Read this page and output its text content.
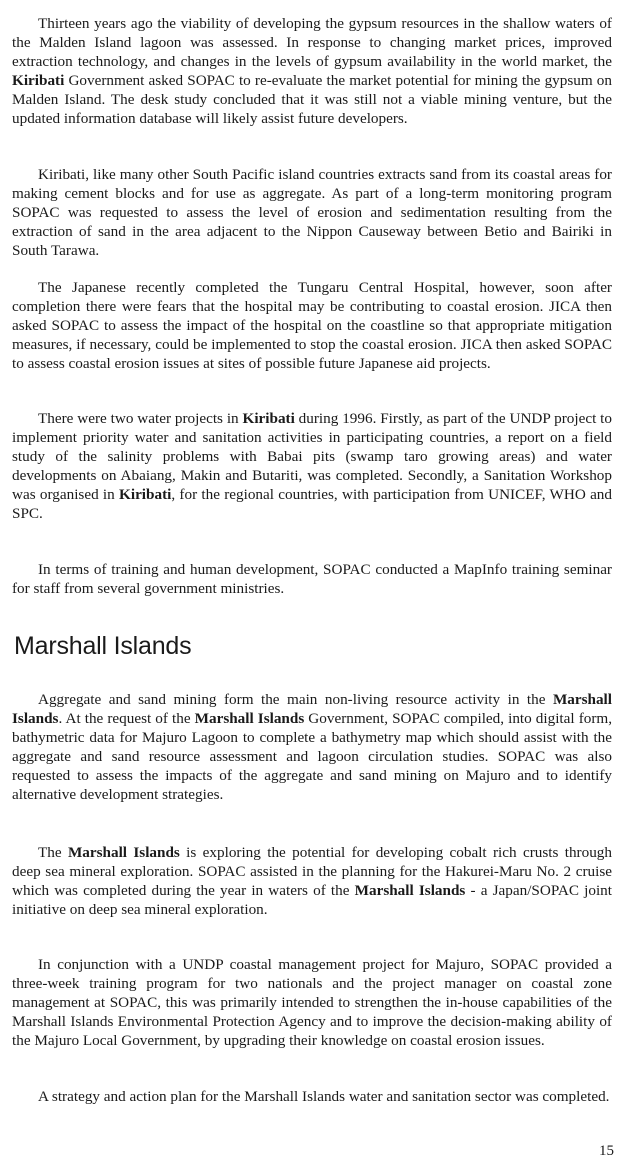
Thirteen years ago the viability of developing the gypsum resources in the shallow waters of the Malden Island lagoon was assessed. In response to changing market prices, improved extraction technology, and changes in the levels of gypsum availability in the world market, the Kiribati Government asked SOPAC to re-evaluate the market potential for mining the gypsum on Malden Island. The desk study concluded that it was still not a viable mining venture, but the updated information database will likely assist future developers.

Kiribati, like many other South Pacific island countries extracts sand from its coastal areas for making cement blocks and for use as aggregate. As part of a long-term monitoring program SOPAC was requested to assess the level of erosion and sedimentation resulting from the extraction of sand in the area adjacent to the Nippon Causeway between Betio and Bairiki in South Tarawa.

The Japanese recently completed the Tungaru Central Hospital, however, soon after completion there were fears that the hospital may be contributing to coastal erosion. JICA then asked SOPAC to assess the impact of the hospital on the coastline so that appropriate mitigation measures, if necessary, could be implemented to stop the coastal erosion. JICA then asked SOPAC to assess coastal erosion issues at sites of possible future Japanese aid projects.

There were two water projects in Kiribati during 1996. Firstly, as part of the UNDP project to implement priority water and sanitation activities in participating countries, a report on a field study of the salinity problems with Babai pits (swamp taro growing areas) and water developments on Abaiang, Makin and Butariti, was completed. Secondly, a Sanitation Workshop was organised in Kiribati, for the regional countries, with participation from UNICEF, WHO and SPC.

In terms of training and human development, SOPAC conducted a MapInfo training seminar for staff from several government ministries.

Marshall Islands

Aggregate and sand mining form the main non-living resource activity in the Marshall Islands. At the request of the Marshall Islands Government, SOPAC compiled, into digital form, bathymetric data for Majuro Lagoon to complete a bathymetry map which should assist with the aggregate and sand resource assessment and lagoon circulation studies. SOPAC was also requested to assess the impacts of the aggregate and sand mining on Majuro and to identify alternative development strategies.

The Marshall Islands is exploring the potential for developing cobalt rich crusts through deep sea mineral exploration. SOPAC assisted in the planning for the Hakurei-Maru No. 2 cruise which was completed during the year in waters of the Marshall Islands - a Japan/SOPAC joint initiative on deep sea mineral exploration.

In conjunction with a UNDP coastal management project for Majuro, SOPAC provided a three-week training program for two nationals and the project manager on coastal zone management at SOPAC, this was primarily intended to strengthen the in-house capabilities of the Marshall Islands Environmental Protection Agency and to improve the decision-making ability of the Majuro Local Government, by upgrading their knowledge on coastal erosion issues.

A strategy and action plan for the Marshall Islands water and sanitation sector was completed.

15
